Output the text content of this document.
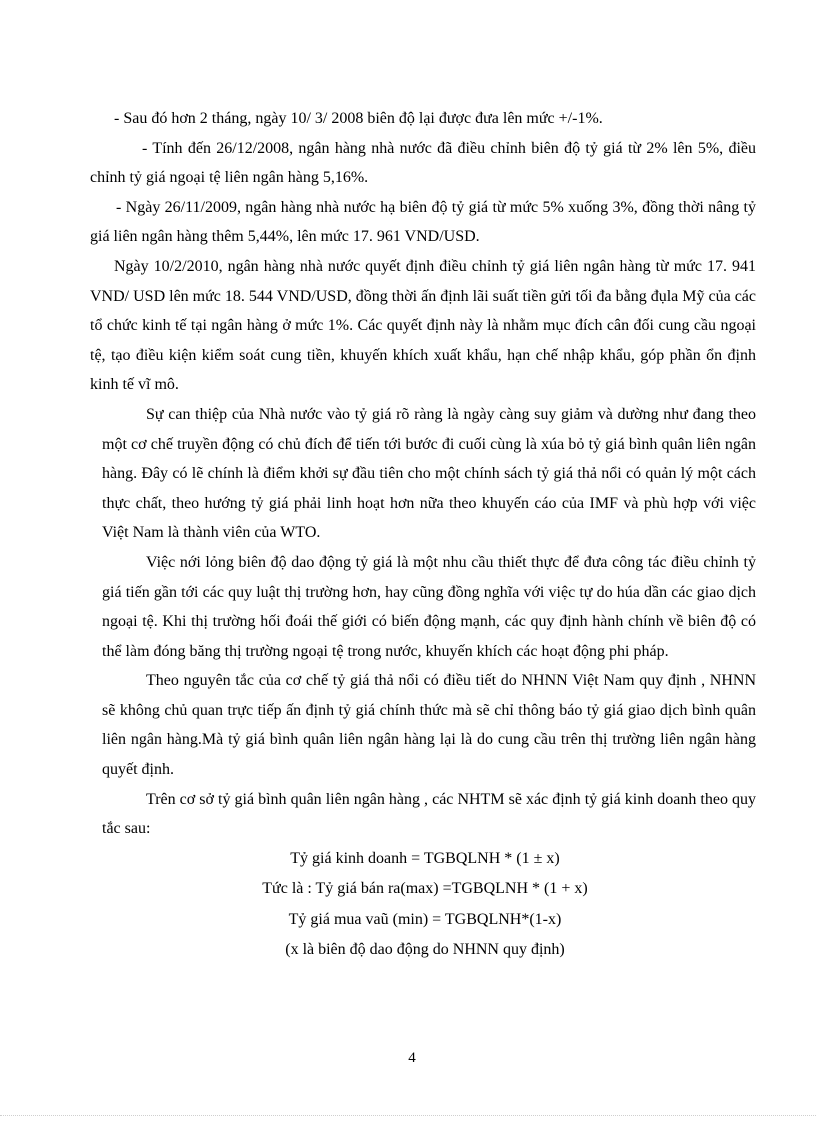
- Sau đó hơn 2 tháng, ngày 10/ 3/ 2008 biên độ lại được đưa lên mức +/-1%.

- Tính đến 26/12/2008, ngân hàng nhà nước đã điều chỉnh biên độ tỷ giá từ 2% lên 5%, điều chỉnh tỷ giá ngoại tệ liên ngân hàng 5,16%.

- Ngày 26/11/2009, ngân hàng nhà nước hạ biên độ tỷ giá từ mức 5% xuống 3%, đồng thời nâng tỷ giá liên ngân hàng thêm 5,44%, lên mức 17. 961 VND/USD.

Ngày 10/2/2010, ngân hàng nhà nước quyết định điều chỉnh tỷ giá liên ngân hàng từ mức 17. 941 VND/ USD lên mức 18. 544 VND/USD, đồng thời ấn định lãi suất tiền gửi tối đa bằng đụla Mỹ của các tổ chức kinh tế tại ngân hàng ở mức 1%. Các quyết định này là nhằm mục đích cân đối cung cầu ngoại tệ, tạo điều kiện kiểm soát cung tiền, khuyến khích xuất khẩu, hạn chế nhập khẩu, góp phần ổn định kinh tế vĩ mô.

Sự can thiệp của Nhà nước vào tỷ giá rõ ràng là ngày càng suy giảm và dường như đang theo một cơ chế truyền động có chủ đích để tiến tới bước đi cuối cùng là xúa bỏ tỷ giá bình quân liên ngân hàng. Đây có lẽ chính là điểm khởi sự đầu tiên cho một chính sách tỷ giá thả nổi có quản lý một cách thực chất, theo hướng tỷ giá phải linh hoạt hơn nữa theo khuyến cáo của IMF và phù hợp với việc Việt Nam là thành viên của WTO.

Việc nới lỏng biên độ dao động tỷ giá là một nhu cầu thiết thực để đưa công tác điều chỉnh tỷ giá tiến gần tới các quy luật thị trường hơn, hay cũng đồng nghĩa với việc tự do húa dần các giao dịch ngoại tệ. Khi thị trường hối đoái thế giới có biến động mạnh, các quy định hành chính về biên độ có thể làm đóng băng thị trường ngoại tệ trong nước, khuyến khích các hoạt động phi pháp.

Theo nguyên tắc của cơ chế tỷ giá thả nổi có điều tiết do NHNN Việt Nam quy định , NHNN sẽ không chủ quan trực tiếp ấn định tỷ giá chính thức mà sẽ chỉ thông báo tỷ giá giao dịch bình quân liên ngân hàng.Mà tỷ giá bình quân liên ngân hàng lại là do cung cầu trên thị trường liên ngân hàng quyết định.

Trên cơ sở tỷ giá bình quân liên ngân hàng , các NHTM sẽ xác định tỷ giá kinh doanh theo quy tắc sau:

Tỷ giá kinh doanh = TGBQLNH * (1 ± x)
Tức là : Tỷ giá bán ra(max) =TGBQLNH * (1 + x)
Tỷ giá mua vaũ (min) = TGBQLNH*(1-x)
(x là biên độ dao động do NHNN quy định)
4
